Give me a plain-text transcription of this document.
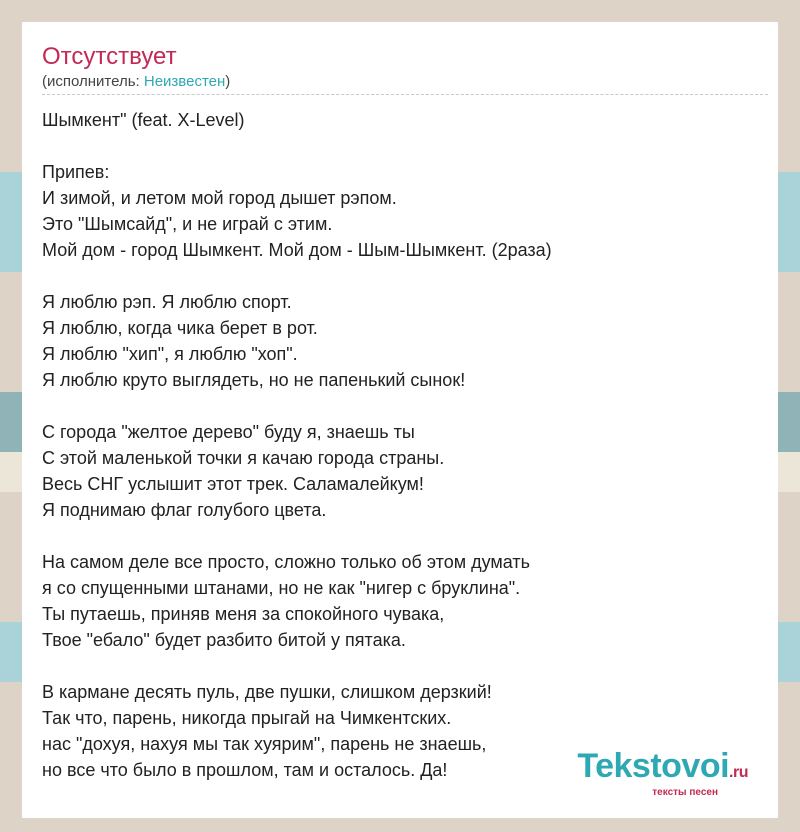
Отсутствует
(исполнитель: Неизвестен)
Шымкент" (feat. X-Level)
Припев:
И зимой, и летом мой город дышет рэпом.
Это "Шымсайд", и не играй с этим.
Мой дом - город Шымкент. Мой дом - Шым-Шымкент. (2раза)
Я люблю рэп. Я люблю спорт.
Я люблю, когда чика берет в рот.
Я люблю "хип", я люблю "хоп".
Я люблю круто выглядеть, но не папенький сынок!
С города "желтое дерево" буду я, знаешь ты
С этой маленькой точки я качаю города страны.
Весь СНГ услышит этот трек. Саламалейкум!
Я поднимаю флаг голубого цвета.
На самом деле все просто, сложно только об этом думать
я со спущенными штанами, но не как "нигер с бруклина".
Ты путаешь, приняв меня за спокойного чувака,
Твое "ебало" будет разбито битой у пятака.
В кармане десять пуль, две пушки, слишком дерзкий!
Так что, парень, никогда прыгай на Чимкентских.
нас "дохуя, нахуя мы так хуярим", парень не знаешь,
но все что было в прошлом, там и осталось. Да!	Tekstovoi.ru
тексты песен
